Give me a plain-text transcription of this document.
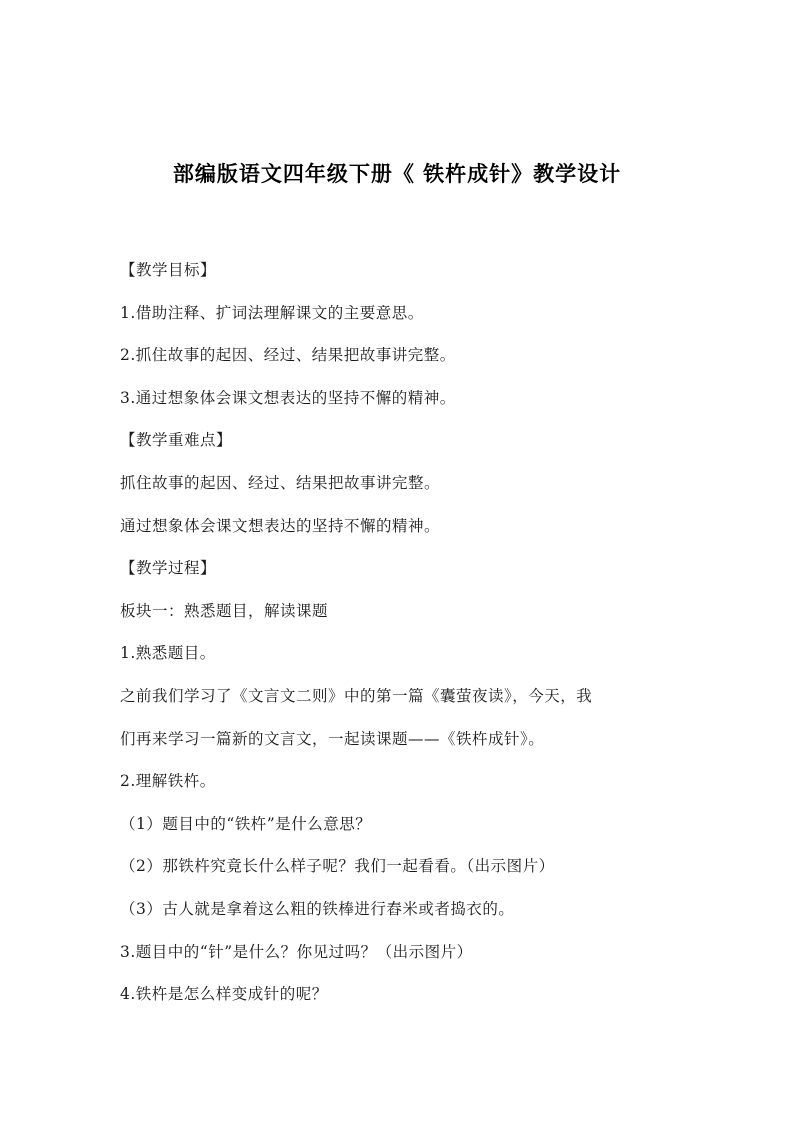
部编版语文四年级下册《 铁杵成针》教学设计
【教学目标】
1.借助注释、扩词法理解课文的主要意思。
2.抓住故事的起因、经过、结果把故事讲完整。
3.通过想象体会课文想表达的坚持不懈的精神。
【教学重难点】
抓住故事的起因、经过、结果把故事讲完整。
通过想象体会课文想表达的坚持不懈的精神。
【教学过程】
板块一：熟悉题目，解读课题
1.熟悉题目。
之前我们学习了《文言文二则》中的第一篇《囊萤夜读》，今天，我
们再来学习一篇新的文言文，一起读课题——《铁杵成针》。
2.理解铁杵。
（1）题目中的“铁杵”是什么意思？
（2）那铁杵究竟长什么样子呢？我们一起看看。（出示图片）
（3）古人就是拿着这么粗的铁棒进行舂米或者捣衣的。
3.题目中的“针”是什么？你见过吗？（出示图片）
4.铁杵是怎么样变成针的呢？
